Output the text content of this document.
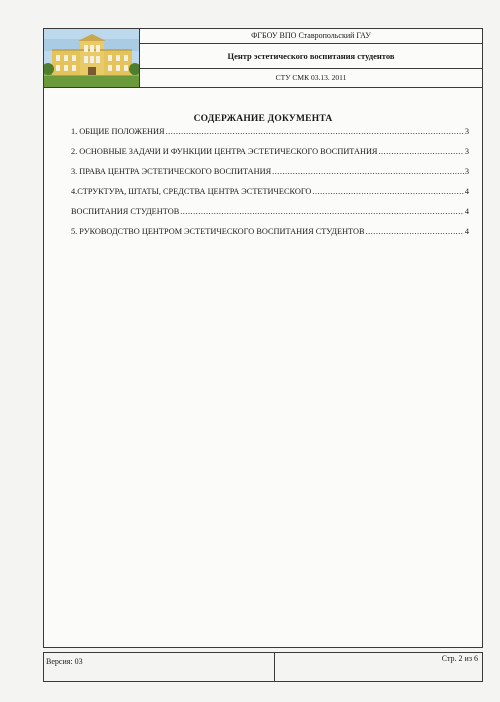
ФГБОУ ВПО Ставропольский ГАУ
Центр эстетического воспитания студентов
СТУ СМК 03.13. 2011
СОДЕРЖАНИЕ ДОКУМЕНТА
1. ОБЩИЕ ПОЛОЖЕНИЯ .....	3
2. ОСНОВНЫЕ ЗАДАЧИ И ФУНКЦИИ ЦЕНТРА ЭСТЕТИЧЕСКОГО ВОСПИТАНИЯ .....	3
3. ПРАВА ЦЕНТРА ЭСТЕТИЧЕСКОГО ВОСПИТАНИЯ .....	3
4.СТРУКТУРА, ШТАТЫ, СРЕДСТВА ЦЕНТРА ЭСТЕТИЧЕСКОГО .....	4
ВОСПИТАНИЯ СТУДЕНТОВ .....	4
5. РУКОВОДСТВО ЦЕНТРОМ ЭСТЕТИЧЕСКОГО ВОСПИТАНИЯ СТУДЕНТОВ .....	4
Версия: 03	Стр. 2 из 6
